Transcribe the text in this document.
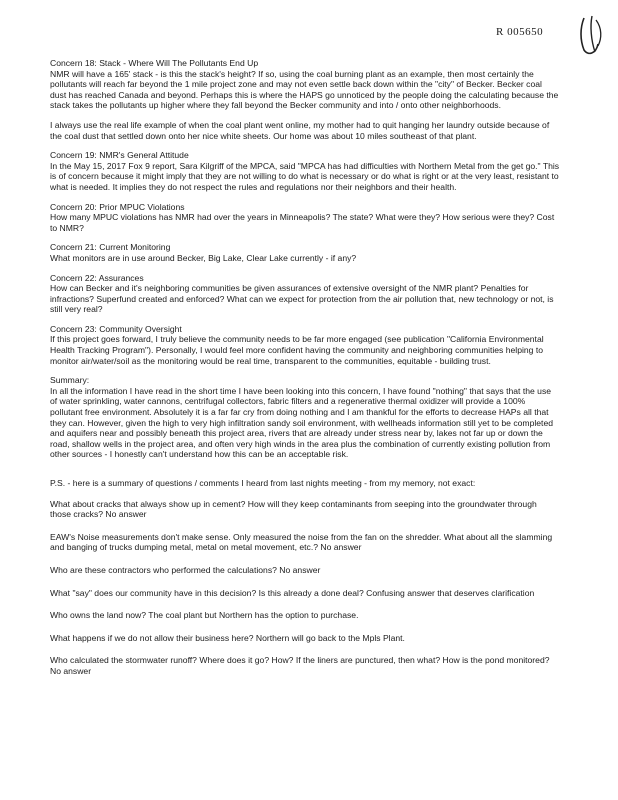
R 005650

Concern 18: Stack - Where Will The Pollutants End Up

NMR will have a 165' stack - is this the stack's height? If so, using the coal burning plant as an example, then most certainly the pollutants will reach far beyond the 1 mile project zone and may not even settle back down within the "city" of Becker. Becker coal dust has reached Canada and beyond. Perhaps this is where the HAPS go unnoticed by the people doing the calculating because the stack takes the pollutants up higher where they fall beyond the Becker community and into / onto other neighborhoods.

I always use the real life example of when the coal plant went online, my mother had to quit hanging her laundry outside because of the coal dust that settled down onto her nice white sheets. Our home was about 10 miles southeast of that plant.

Concern 19: NMR's General Attitude

In the May 15, 2017 Fox 9 report, Sara Kilgriff of the MPCA, said "MPCA has had difficulties with Northern Metal from the get go." This is of concern because it might imply that they are not willing to do what is necessary or do what is right or at the very least, resistant to what is needed. It implies they do not respect the rules and regulations nor their neighbors and their health.

Concern 20: Prior MPUC Violations

How many MPUC violations has NMR had over the years in Minneapolis? The state? What were they? How serious were they? Cost to NMR?

Concern 21: Current Monitoring

What monitors are in use around Becker, Big Lake, Clear Lake currently - if any?

Concern 22: Assurances

How can Becker and it's neighboring communities be given assurances of extensive oversight of the NMR plant? Penalties for infractions? Superfund created and enforced? What can we expect for protection from the air pollution that, new technology or not, is still very real?

Concern 23: Community Oversight

If this project goes forward, I truly believe the community needs to be far more engaged (see publication "California Environmental Health Tracking Program"). Personally, I would feel more confident having the community and neighboring communities helping to monitor air/water/soil as the monitoring would be real time, transparent to the communities, equitable - building trust.

Summary:

In all the information I have read in the short time I have been looking into this concern, I have found "nothing" that says that the use of water sprinkling, water cannons, centrifugal collectors, fabric filters and a regenerative thermal oxidizer will provide a 100% pollutant free environment. Absolutely it is a far far cry from doing nothing and I am thankful for the efforts to decrease HAPs all that they can. However, given the high to very high infiltration sandy soil environment, with wellheads information still yet to be completed and aquifers near and possibly beneath this project area, rivers that are already under stress near by, lakes not far up or down the road, shallow wells in the project area, and often very high winds in the area plus the combination of currently existing pollution from other sources - I honestly can't understand how this can be an acceptable risk.

P.S. - here is a summary of questions / comments I heard from last nights meeting - from my memory, not exact:

What about cracks that always show up in cement? How will they keep contaminants from seeping into the groundwater through those cracks? No answer

EAW's Noise measurements don't make sense. Only measured the noise from the fan on the shredder. What about all the slamming and banging of trucks dumping metal, metal on metal movement, etc.? No answer

Who are these contractors who performed the calculations? No answer

What "say" does our community have in this decision? Is this already a done deal? Confusing answer that deserves clarification

Who owns the land now? The coal plant but Northern has the option to purchase.

What happens if we do not allow their business here? Northern will go back to the Mpls Plant.

Who calculated the stormwater runoff? Where does it go? How? If the liners are punctured, then what? How is the pond monitored? No answer
